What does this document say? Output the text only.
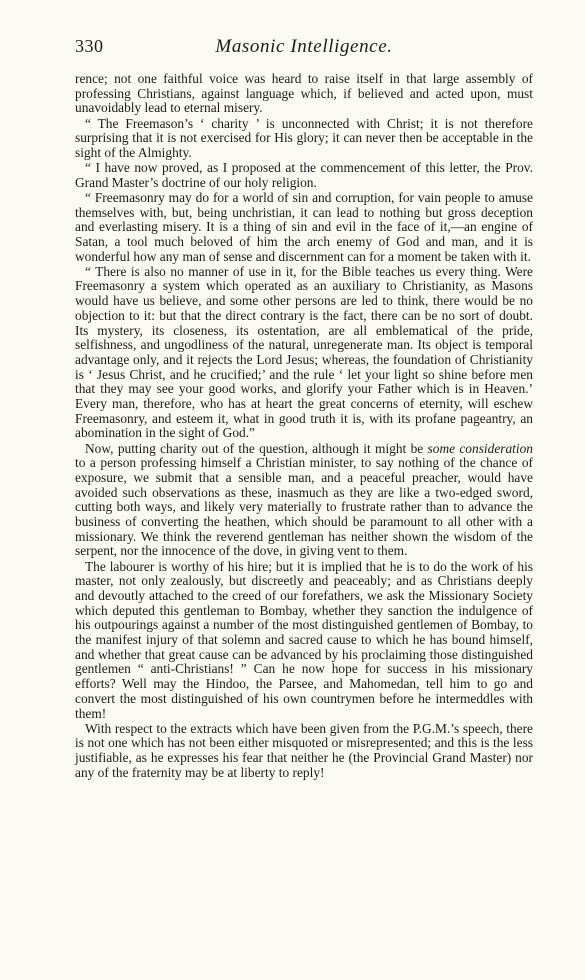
330	Masonic Intelligence.

rence; not one faithful voice was heard to raise itself in that large assembly of professing Christians, against language which, if believed and acted upon, must unavoidably lead to eternal misery.

“ The Freemason’s ‘ charity ’ is unconnected with Christ; it is not therefore surprising that it is not exercised for His glory; it can never then be acceptable in the sight of the Almighty.

“ I have now proved, as I proposed at the commencement of this letter, the Prov. Grand Master’s doctrine of our holy religion.

“ Freemasonry may do for a world of sin and corruption, for vain people to amuse themselves with, but, being unchristian, it can lead to nothing but gross deception and everlasting misery. It is a thing of sin and evil in the face of it,—an engine of Satan, a tool much beloved of him the arch enemy of God and man, and it is wonderful how any man of sense and discernment can for a moment be taken with it.

“ There is also no manner of use in it, for the Bible teaches us every thing. Were Freemasonry a system which operated as an auxiliary to Christianity, as Masons would have us believe, and some other persons are led to think, there would be no objection to it: but that the direct contrary is the fact, there can be no sort of doubt. Its mystery, its closeness, its ostentation, are all emblematical of the pride, selfishness, and ungodliness of the natural, unregenerate man. Its object is temporal advantage only, and it rejects the Lord Jesus; whereas, the foundation of Christianity is ‘ Jesus Christ, and he crucified;’ and the rule ‘ let your light so shine before men that they may see your good works, and glorify your Father which is in Heaven.’ Every man, therefore, who has at heart the great concerns of eternity, will eschew Freemasonry, and esteem it, what in good truth it is, with its profane pageantry, an abomination in the sight of God.”

Now, putting charity out of the question, although it might be some consideration to a person professing himself a Christian minister, to say nothing of the chance of exposure, we submit that a sensible man, and a peaceful preacher, would have avoided such observations as these, inasmuch as they are like a two-edged sword, cutting both ways, and likely very materially to frustrate rather than to advance the business of converting the heathen, which should be paramount to all other with a missionary. We think the reverend gentleman has neither shown the wisdom of the serpent, nor the innocence of the dove, in giving vent to them.

The labourer is worthy of his hire; but it is implied that he is to do the work of his master, not only zealously, but discreetly and peaceably; and as Christians deeply and devoutly attached to the creed of our forefathers, we ask the Missionary Society which deputed this gentleman to Bombay, whether they sanction the indulgence of his outpourings against a number of the most distinguished gentlemen of Bombay, to the manifest injury of that solemn and sacred cause to which he has bound himself, and whether that great cause can be advanced by his proclaiming those distinguished gentlemen “ anti-Christians! ” Can he now hope for success in his missionary efforts? Well may the Hindoo, the Parsee, and Mahomedan, tell him to go and convert the most distinguished of his own countrymen before he intermeddles with them!

With respect to the extracts which have been given from the P.G.M.’s speech, there is not one which has not been either misquoted or misrepresented; and this is the less justifiable, as he expresses his fear that neither he (the Provincial Grand Master) nor any of the fraternity may be at liberty to reply!
